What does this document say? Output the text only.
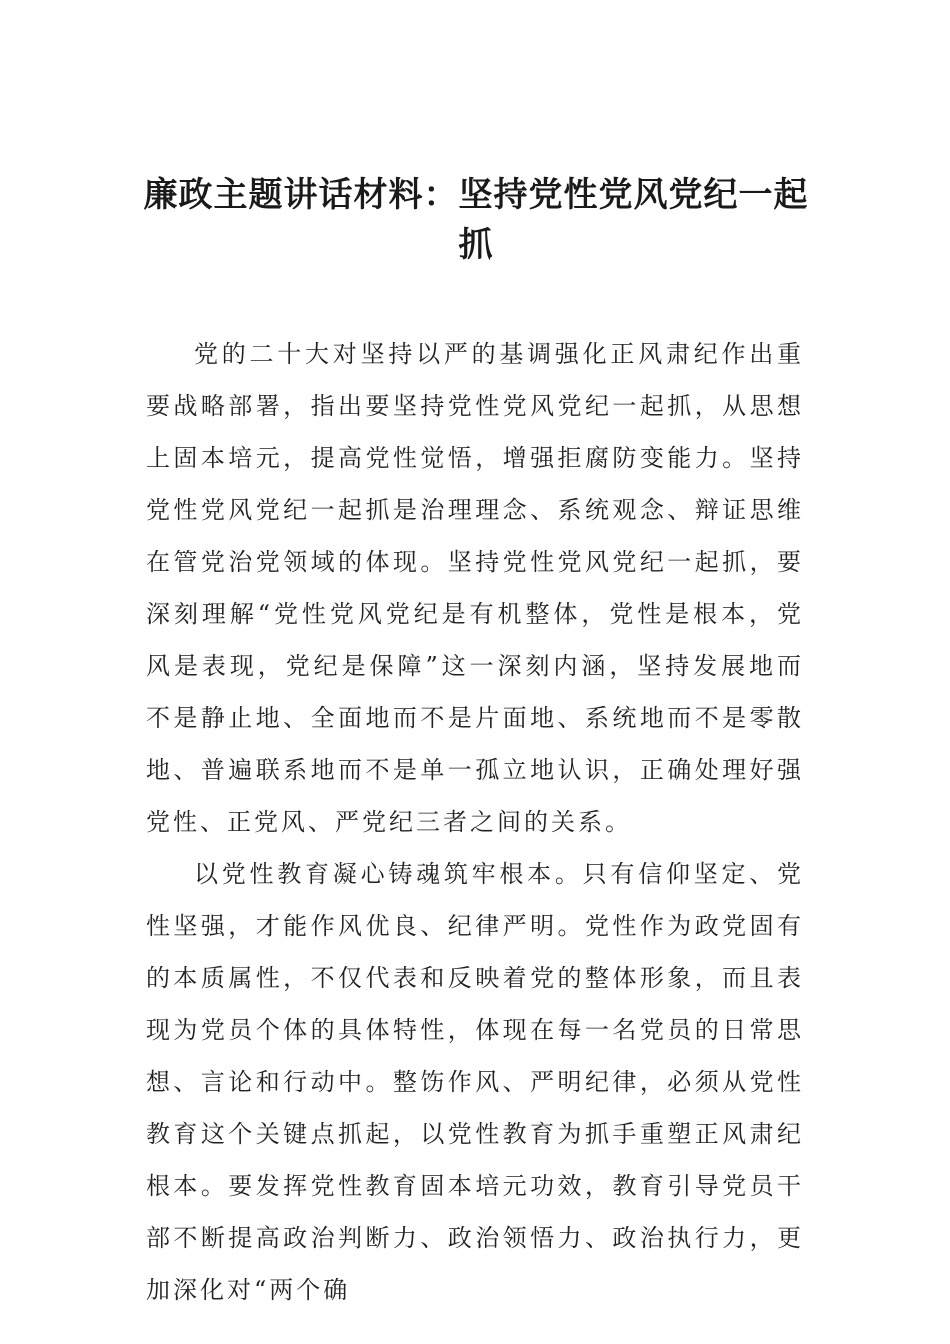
廉政主题讲话材料：坚持党性党风党纪一起抓

党的二十大对坚持以严的基调强化正风肃纪作出重要战略部署，指出要坚持党性党风党纪一起抓，从思想上固本培元，提高党性觉悟，增强拒腐防变能力。坚持党性党风党纪一起抓是治理理念、系统观念、辩证思维在管党治党领域的体现。坚持党性党风党纪一起抓，要深刻理解“党性党风党纪是有机整体，党性是根本，党风是表现，党纪是保障”这一深刻内涵，坚持发展地而不是静止地、全面地而不是片面地、系统地而不是零散地、普遍联系地而不是单一孤立地认识，正确处理好强党性、正党风、严党纪三者之间的关系。

以党性教育凝心铸魂筑牢根本。只有信仰坚定、党性坚强，才能作风优良、纪律严明。党性作为政党固有的本质属性，不仅代表和反映着党的整体形象，而且表现为党员个体的具体特性，体现在每一名党员的日常思想、言论和行动中。整饬作风、严明纪律，必须从党性教育这个关键点抓起，以党性教育为抓手重塑正风肃纪根本。要发挥党性教育固本培元功效，教育引导党员干部不断提高政治判断力、政治领悟力、政治执行力，更加深化对“两个确
